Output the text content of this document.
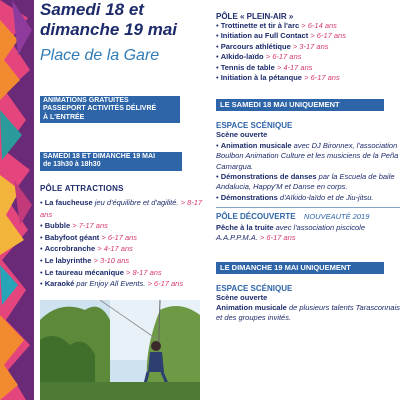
Samedi 18 et
dimanche 19 mai
Place de la Gare
ANIMATIONS GRATUITES
PASSEPORT ACTIVITÉS DÉLIVRÉ
À L'ENTRÉE
SAMEDI 18 ET DIMANCHE 19 MAI
de 13h30 à 18h30
PÔLE ATTRACTIONS
• La faucheuse jeu d'équilibre et d'agilité. > 8-17 ans
• Bubble > 7-17 ans
• Babyfoot géant > 6-17 ans
• Accrobranche > 4-17 ans
• Le labyrinthe > 3-10 ans
• Le taureau mécanique > 8-17 ans
• Karaoké par Enjoy All Events. > 6-17 ans
PÔLE « PLEIN-AIR »
• Trottinette et tir à l'arc > 6-14 ans
• Initiation au Full Contact > 6-17 ans
• Parcours athlétique > 3-17 ans
• Aïkido-laïdo > 6-17 ans
• Tennis de table > 4-17 ans
• Initiation à la pétanque > 6-17 ans
LE SAMEDI 18 MAI UNIQUEMENT
ESPACE SCÉNIQUE
Scène ouverte
• Animation musicale avec DJ Bironnex, l'association Boulbon Animation Culture et les musiciens de la Peña Camargua.
• Démonstrations de danses par la Escuela de baile Andalucia, Happy'M et Danse en corps.
• Démonstrations d'Aïkido-laïdo et de Jiu-jitsu.
PÔLE DÉCOUVERTE NOUVEAUTÉ 2019
Pêche à la truite avec l'association piscicole A.A.P.P.M.A. > 6-17 ans
LE DIMANCHE 19 MAI UNIQUEMENT
ESPACE SCÉNIQUE
Scène ouverte
Animation musicale de plusieurs talents Tarasconnais et des groupes invités.
